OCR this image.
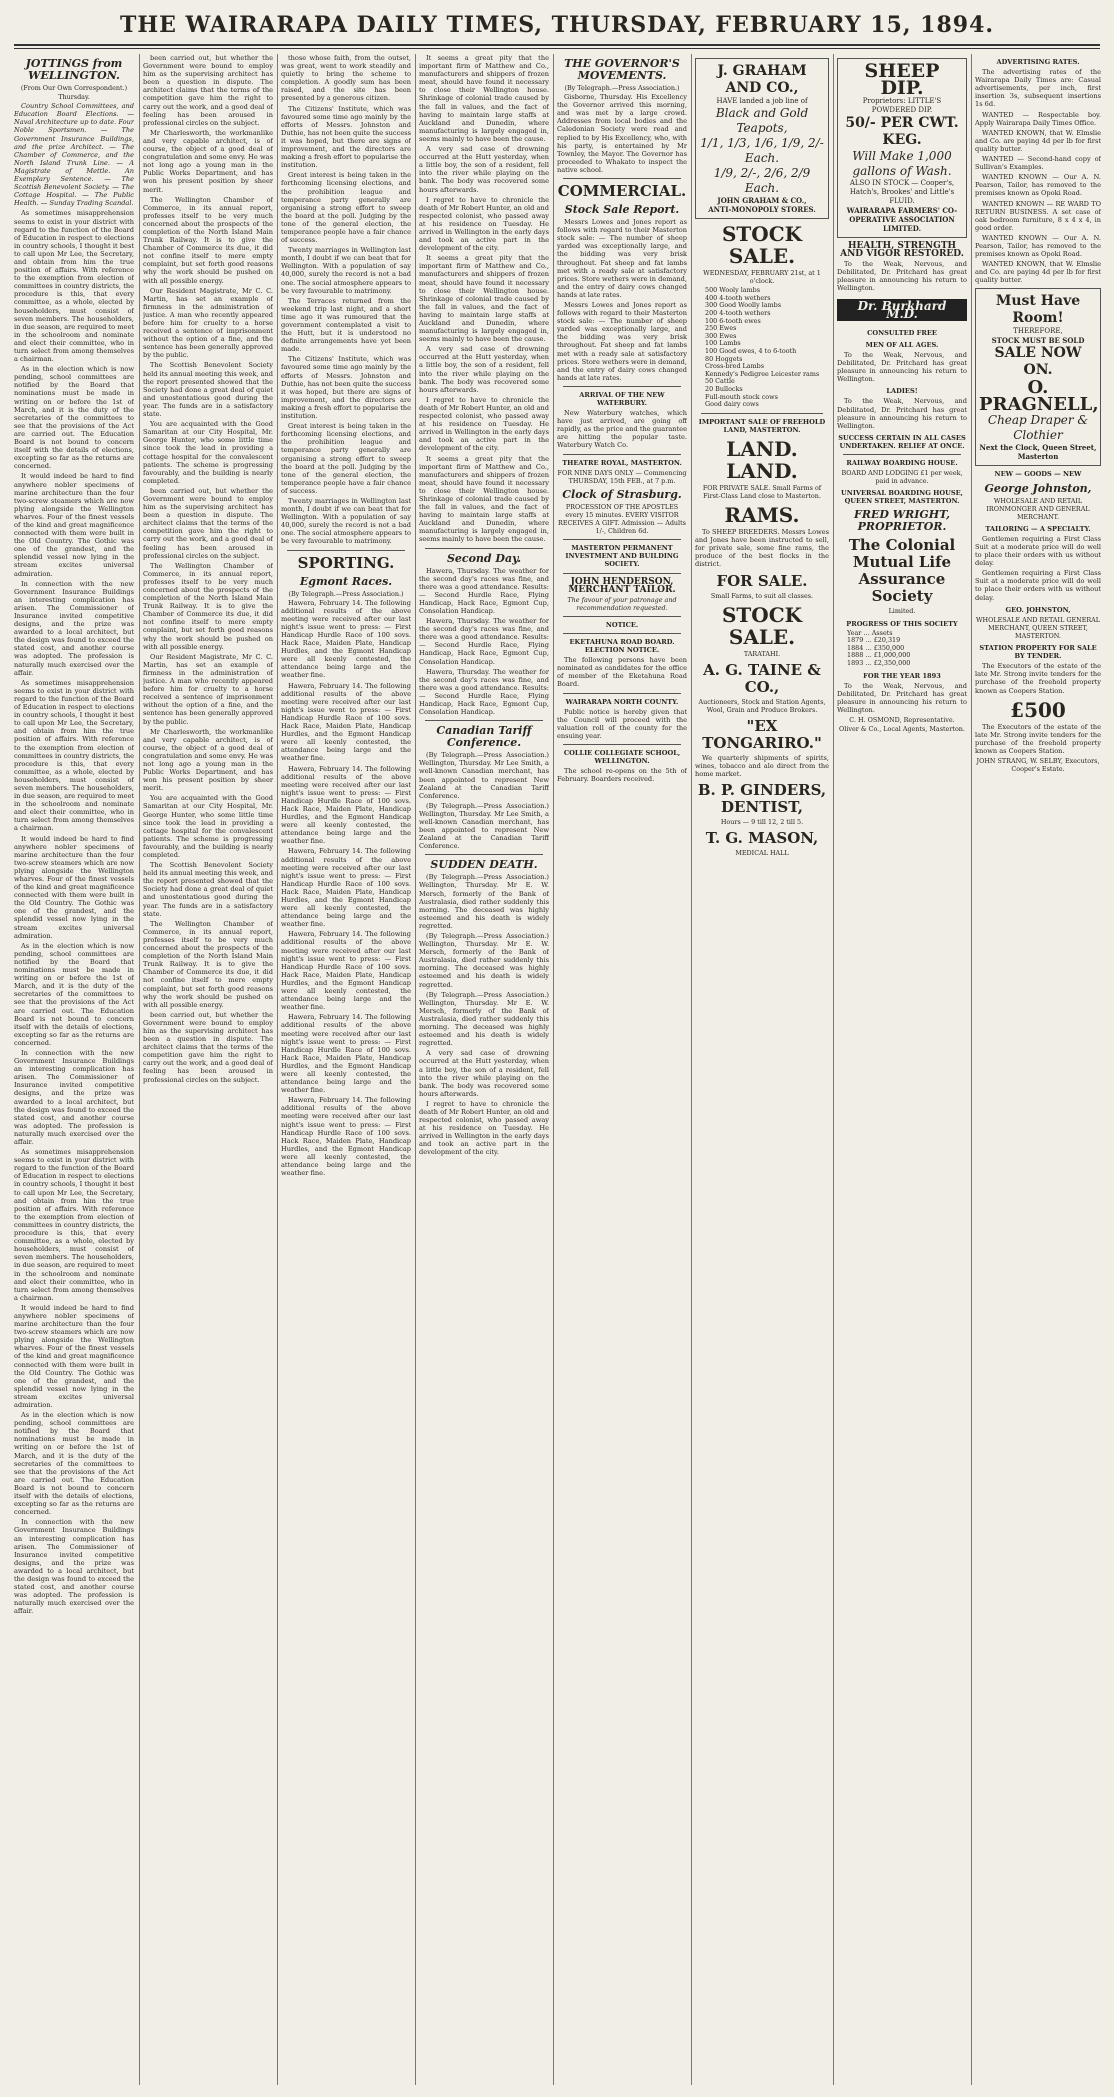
THE WAIRARAPA DAILY TIMES, THURSDAY, FEBRUARY 15, 1894.
JOTTINGS from WELLINGTON.
(From Our Own Correspondent.)
Thursday.

Country School Committees, and Education Board Elections. — Naval Architecture up to date. Four Noble Sportsmen. — The Government Insurance Buildings, and the prize Architect. — The Chamber of Commerce, and the North Island Trunk Line. — A Magistrate of Mettle. An Exemplary Sentence. — The Scottish Benevolent Society. — The Cottage Hospital. — The Public Health. — Sunday Trading Scandal.

As sometimes misapprehension seems to exist in your district with regard to the function of the Board of Education in respect to elections in country schools, I thought it best to call upon Mr Lee, the Secretary, and obtain from him the true position of affairs. With reference to the exemption from election of committees in country districts, the procedure is this, that every committee, as a whole, elected by householders, must consist of seven members. The householders, in due season, are required to meet in the schoolroom and nominate and elect their committee, who in turn select from among themselves a chairman.

As in the election which is now pending, school committees are notified by the Board that nominations must be made in writing on or before the 1st of March, and it is the duty of the secretaries of the committees to see that the provisions of the Act are carried out. The Education Board is not bound to concern itself with the details of elections, excepting so far as the returns are concerned.

It would indeed be hard to find anywhere nobler specimens of marine architecture than the four two-screw steamers which are now plying alongside the Wellington wharves. Four of the finest vessels of the kind and great magnificence connected with them were built in the Old Country. The Gothic was one of the grandest, and the splendid vessel now lying in the stream excites universal admiration.

In connection with the new Government Insurance Buildings an interesting complication has arisen. The Commissioner of Insurance invited competitive designs, and the prize was awarded to a local architect, but the design was found to exceed the stated cost, and another course was adopted. The profession is naturally much exercised over the affair.

As sometimes misapprehension seems to exist in your district with regard to the function of the Board of Education in respect to elections in country schools, I thought it best to call upon Mr Lee, the Secretary, and obtain from him the true position of affairs. With reference to the exemption from election of committees in country districts, the procedure is this, that every committee, as a whole, elected by householders, must consist of seven members. The householders, in due season, are required to meet in the schoolroom and nominate and elect their committee, who in turn select from among themselves a chairman.

It would indeed be hard to find anywhere nobler specimens of marine architecture than the four two-screw steamers which are now plying alongside the Wellington wharves. Four of the finest vessels of the kind and great magnificence connected with them were built in the Old Country. The Gothic was one of the grandest, and the splendid vessel now lying in the stream excites universal admiration.

As in the election which is now pending, school committees are notified by the Board that nominations must be made in writing on or before the 1st of March, and it is the duty of the secretaries of the committees to see that the provisions of the Act are carried out. The Education Board is not bound to concern itself with the details of elections, excepting so far as the returns are concerned.

In connection with the new Government Insurance Buildings an interesting complication has arisen. The Commissioner of Insurance invited competitive designs, and the prize was awarded to a local architect, but the design was found to exceed the stated cost, and another course was adopted. The profession is naturally much exercised over the affair.

As sometimes misapprehension seems to exist in your district with regard to the function of the Board of Education in respect to elections in country schools, I thought it best to call upon Mr Lee, the Secretary, and obtain from him the true position of affairs. With reference to the exemption from election of committees in country districts, the procedure is this, that every committee, as a whole, elected by householders, must consist of seven members. The householders, in due season, are required to meet in the schoolroom and nominate and elect their committee, who in turn select from among themselves a chairman.

It would indeed be hard to find anywhere nobler specimens of marine architecture than the four two-screw steamers which are now plying alongside the Wellington wharves. Four of the finest vessels of the kind and great magnificence connected with them were built in the Old Country. The Gothic was one of the grandest, and the splendid vessel now lying in the stream excites universal admiration.

As in the election which is now pending, school committees are notified by the Board that nominations must be made in writing on or before the 1st of March, and it is the duty of the secretaries of the committees to see that the provisions of the Act are carried out. The Education Board is not bound to concern itself with the details of elections, excepting so far as the returns are concerned.

In connection with the new Government Insurance Buildings an interesting complication has arisen. The Commissioner of Insurance invited competitive designs, and the prize was awarded to a local architect, but the design was found to exceed the stated cost, and another course was adopted. The profession is naturally much exercised over the affair.

been carried out, but whether the Government were bound to employ him as the supervising architect has been a question in dispute. The architect claims that the terms of the competition gave him the right to carry out the work, and a good deal of feeling has been aroused in professional circles on the subject.

Mr Charlesworth, the workmanlike and very capable architect, is of course, the object of a good deal of congratulation and some envy. He was not long ago a young man in the Public Works Department, and has won his present position by sheer merit.

The Wellington Chamber of Commerce, in its annual report, professes itself to be very much concerned about the prospects of the completion of the North Island Main Trunk Railway. It is to give the Chamber of Commerce its due, it did not confine itself to mere empty complaint, but set forth good reasons why the work should be pushed on with all possible energy.

Our Resident Magistrate, Mr C. C. Martin, has set an example of firmness in the administration of justice. A man who recently appeared before him for cruelty to a horse received a sentence of imprisonment without the option of a fine, and the sentence has been generally approved by the public.

The Scottish Benevolent Society held its annual meeting this week, and the report presented showed that the Society had done a great deal of quiet and unostentatious good during the year. The funds are in a satisfactory state.

You are acquainted with the Good Samaritan at our City Hospital, Mr. George Hunter, who some little time since took the lead in providing a cottage hospital for the convalescent patients. The scheme is progressing favourably, and the building is nearly completed.

been carried out, but whether the Government were bound to employ him as the supervising architect has been a question in dispute. The architect claims that the terms of the competition gave him the right to carry out the work, and a good deal of feeling has been aroused in professional circles on the subject.

The Wellington Chamber of Commerce, in its annual report, professes itself to be very much concerned about the prospects of the completion of the North Island Main Trunk Railway. It is to give the Chamber of Commerce its due, it did not confine itself to mere empty complaint, but set forth good reasons why the work should be pushed on with all possible energy.

Our Resident Magistrate, Mr C. C. Martin, has set an example of firmness in the administration of justice. A man who recently appeared before him for cruelty to a horse received a sentence of imprisonment without the option of a fine, and the sentence has been generally approved by the public.

Mr Charlesworth, the workmanlike and very capable architect, is of course, the object of a good deal of congratulation and some envy. He was not long ago a young man in the Public Works Department, and has won his present position by sheer merit.

You are acquainted with the Good Samaritan at our City Hospital, Mr. George Hunter, who some little time since took the lead in providing a cottage hospital for the convalescent patients. The scheme is progressing favourably, and the building is nearly completed.

The Scottish Benevolent Society held its annual meeting this week, and the report presented showed that the Society had done a great deal of quiet and unostentatious good during the year. The funds are in a satisfactory state.

The Wellington Chamber of Commerce, in its annual report, professes itself to be very much concerned about the prospects of the completion of the North Island Main Trunk Railway. It is to give the Chamber of Commerce its due, it did not confine itself to mere empty complaint, but set forth good reasons why the work should be pushed on with all possible energy.

been carried out, but whether the Government were bound to employ him as the supervising architect has been a question in dispute. The architect claims that the terms of the competition gave him the right to carry out the work, and a good deal of feeling has been aroused in professional circles on the subject.

those whose faith, from the outset, was great, went to work steadily and quietly to bring the scheme to completion. A goodly sum has been raised, and the site has been presented by a generous citizen.

The Citizens' Institute, which was favoured some time ago mainly by the efforts of Messrs. Johnston and Duthie, has not been quite the success it was hoped, but there are signs of improvement, and the directors are making a fresh effort to popularise the institution.

Great interest is being taken in the forthcoming licensing elections, and the prohibition league and temperance party generally are organising a strong effort to sweep the board at the poll. Judging by the tone of the general election, the temperance people have a fair chance of success.

Twenty marriages in Wellington last month, I doubt if we can beat that for Wellington. With a population of say 40,000, surely the record is not a bad one. The social atmosphere appears to be very favourable to matrimony.

The Terraces returned from the weekend trip last night, and a short time ago it was rumoured that the government contemplated a visit to the Hutt, but it is understood no definite arrangements have yet been made.

The Citizens' Institute, which was favoured some time ago mainly by the efforts of Messrs. Johnston and Duthie, has not been quite the success it was hoped, but there are signs of improvement, and the directors are making a fresh effort to popularise the institution.

Great interest is being taken in the forthcoming licensing elections, and the prohibition league and temperance party generally are organising a strong effort to sweep the board at the poll. Judging by the tone of the general election, the temperance people have a fair chance of success.

Twenty marriages in Wellington last month, I doubt if we can beat that for Wellington. With a population of say 40,000, surely the record is not a bad one. The social atmosphere appears to be very favourable to matrimony.

SPORTING.
Egmont Races.
(By Telegraph.—Press Association.)

Hawera, February 14. The following additional results of the above meeting were received after our last night's issue went to press: — First Handicap Hurdle Race of 100 sovs. Hack Race, Maiden Plate, Handicap Hurdles, and the Egmont Handicap were all keenly contested, the attendance being large and the weather fine.

Hawera, February 14. The following additional results of the above meeting were received after our last night's issue went to press: — First Handicap Hurdle Race of 100 sovs. Hack Race, Maiden Plate, Handicap Hurdles, and the Egmont Handicap were all keenly contested, the attendance being large and the weather fine.

Hawera, February 14. The following additional results of the above meeting were received after our last night's issue went to press: — First Handicap Hurdle Race of 100 sovs. Hack Race, Maiden Plate, Handicap Hurdles, and the Egmont Handicap were all keenly contested, the attendance being large and the weather fine.

Hawera, February 14. The following additional results of the above meeting were received after our last night's issue went to press: — First Handicap Hurdle Race of 100 sovs. Hack Race, Maiden Plate, Handicap Hurdles, and the Egmont Handicap were all keenly contested, the attendance being large and the weather fine.

Hawera, February 14. The following additional results of the above meeting were received after our last night's issue went to press: — First Handicap Hurdle Race of 100 sovs. Hack Race, Maiden Plate, Handicap Hurdles, and the Egmont Handicap were all keenly contested, the attendance being large and the weather fine.

Hawera, February 14. The following additional results of the above meeting were received after our last night's issue went to press: — First Handicap Hurdle Race of 100 sovs. Hack Race, Maiden Plate, Handicap Hurdles, and the Egmont Handicap were all keenly contested, the attendance being large and the weather fine.

Hawera, February 14. The following additional results of the above meeting were received after our last night's issue went to press: — First Handicap Hurdle Race of 100 sovs. Hack Race, Maiden Plate, Handicap Hurdles, and the Egmont Handicap were all keenly contested, the attendance being large and the weather fine.

It seems a great pity that the important firm of Matthew and Co., manufacturers and shippers of frozen meat, should have found it necessary to close their Wellington house. Shrinkage of colonial trade caused by the fall in values, and the fact of having to maintain large staffs at Auckland and Dunedin, where manufacturing is largely engaged in, seems mainly to have been the cause.

A very sad case of drowning occurred at the Hutt yesterday, when a little boy, the son of a resident, fell into the river while playing on the bank. The body was recovered some hours afterwards.

I regret to have to chronicle the death of Mr Robert Hunter, an old and respected colonist, who passed away at his residence on Tuesday. He arrived in Wellington in the early days and took an active part in the development of the city.

It seems a great pity that the important firm of Matthew and Co., manufacturers and shippers of frozen meat, should have found it necessary to close their Wellington house. Shrinkage of colonial trade caused by the fall in values, and the fact of having to maintain large staffs at Auckland and Dunedin, where manufacturing is largely engaged in, seems mainly to have been the cause.

A very sad case of drowning occurred at the Hutt yesterday, when a little boy, the son of a resident, fell into the river while playing on the bank. The body was recovered some hours afterwards.

I regret to have to chronicle the death of Mr Robert Hunter, an old and respected colonist, who passed away at his residence on Tuesday. He arrived in Wellington in the early days and took an active part in the development of the city.

It seems a great pity that the important firm of Matthew and Co., manufacturers and shippers of frozen meat, should have found it necessary to close their Wellington house. Shrinkage of colonial trade caused by the fall in values, and the fact of having to maintain large staffs at Auckland and Dunedin, where manufacturing is largely engaged in, seems mainly to have been the cause.

Second Day.

Hawera, Thursday. The weather for the second day's races was fine, and there was a good attendance. Results: — Second Hurdle Race, Flying Handicap, Hack Race, Egmont Cup, Consolation Handicap.

Hawera, Thursday. The weather for the second day's races was fine, and there was a good attendance. Results: — Second Hurdle Race, Flying Handicap, Hack Race, Egmont Cup, Consolation Handicap.

Hawera, Thursday. The weather for the second day's races was fine, and there was a good attendance. Results: — Second Hurdle Race, Flying Handicap, Hack Race, Egmont Cup, Consolation Handicap.

Canadian Tariff Conference.

(By Telegraph.—Press Association.) Wellington, Thursday. Mr Lee Smith, a well-known Canadian merchant, has been appointed to represent New Zealand at the Canadian Tariff Conference.

(By Telegraph.—Press Association.) Wellington, Thursday. Mr Lee Smith, a well-known Canadian merchant, has been appointed to represent New Zealand at the Canadian Tariff Conference.

SUDDEN DEATH.

(By Telegraph.—Press Association.) Wellington, Thursday. Mr E. W. Mersch, formerly of the Bank of Australasia, died rather suddenly this morning. The deceased was highly esteemed and his death is widely regretted.

(By Telegraph.—Press Association.) Wellington, Thursday. Mr E. W. Mersch, formerly of the Bank of Australasia, died rather suddenly this morning. The deceased was highly esteemed and his death is widely regretted.

(By Telegraph.—Press Association.) Wellington, Thursday. Mr E. W. Mersch, formerly of the Bank of Australasia, died rather suddenly this morning. The deceased was highly esteemed and his death is widely regretted.

A very sad case of drowning occurred at the Hutt yesterday, when a little boy, the son of a resident, fell into the river while playing on the bank. The body was recovered some hours afterwards.

I regret to have to chronicle the death of Mr Robert Hunter, an old and respected colonist, who passed away at his residence on Tuesday. He arrived in Wellington in the early days and took an active part in the development of the city.

THE GOVERNOR'S MOVEMENTS.
(By Telegraph.—Press Association.)

Gisborne, Thursday. His Excellency the Governor arrived this morning, and was met by a large crowd. Addresses from local bodies and the Caledonian Society were read and replied to by His Excellency, who, with his party, is entertained by Mr Townley, the Mayor. The Governor has proceeded to Whakato to inspect the native school.

COMMERCIAL.
Stock Sale Report.

Messrs Lowes and Jones report as follows with regard to their Masterton stock sale: — The number of sheep yarded was exceptionally large, and the bidding was very brisk throughout. Fat sheep and fat lambs met with a ready sale at satisfactory prices. Store wethers were in demand, and the entry of dairy cows changed hands at late rates.

Messrs Lowes and Jones report as follows with regard to their Masterton stock sale: — The number of sheep yarded was exceptionally large, and the bidding was very brisk throughout. Fat sheep and fat lambs met with a ready sale at satisfactory prices. Store wethers were in demand, and the entry of dairy cows changed hands at late rates.

ARRIVAL OF THE NEW WATERBURY.

New Waterbury watches, which have just arrived, are going off rapidly, as the price and the guarantee are hitting the popular taste. Waterbury Watch Co.

THEATRE ROYAL, MASTERTON.
FOR NINE DAYS ONLY — Commencing THURSDAY, 15th FEB., at 7 p.m.
Clock of Strasburg.
PROCESSION OF THE APOSTLES every 15 minutes. EVERY VISITOR RECEIVES A GIFT. Admission — Adults 1/-, Children 6d.
MASTERTON PERMANENT INVESTMENT AND BUILDING SOCIETY.
JOHN HENDERSON, MERCHANT TAILOR.
The favour of your patronage and recommendation requested.
NOTICE.
EKETAHUNA ROAD BOARD. ELECTION NOTICE.

The following persons have been nominated as candidates for the office of member of the Eketahuna Road Board.

WAIRARAPA NORTH COUNTY.

Public notice is hereby given that the Council will proceed with the valuation roll of the county for the ensuing year.

COLLIE COLLEGIATE SCHOOL, WELLINGTON.

The school re-opens on the 5th of February. Boarders received.

J. GRAHAM AND CO.,
HAVE landed a job line of
Black and Gold Teapots,
1/1, 1/3, 1/6, 1/9, 2/- Each.
1/9, 2/-, 2/6, 2/9 Each.
JOHN GRAHAM & CO.,
ANTI-MONOPOLY STORES.
STOCK SALE.
WEDNESDAY, FEBRUARY 21st, at 1 o'clock.
500 Wooly lambs
400 4-tooth wethers
300 Good Woolly lambs
200 4-tooth wethers
100 6-tooth ewes
250 Ewes
300 Ewes
100 Lambs
100 Good ewes, 4 to 6-tooth
80 Hoggets
Cross-bred Lambs
Kennedy's Pedigree Leicester rams
50 Cattle
20 Bullocks
Full-mouth stock cows
Good dairy cows
IMPORTANT SALE OF FREEHOLD LAND, MASTERTON.
LAND. LAND.
FOR PRIVATE SALE. Small Farms of First-Class Land close to Masterton.
RAMS.

To SHEEP BREEDERS. Messrs Lowes and Jones have been instructed to sell, for private sale, some fine rams, the produce of the best flocks in the district.

FOR SALE.
Small Farms, to suit all classes.
STOCK SALE.
TARATAHI.
A. G. TAINE & CO.,
Auctioneers, Stock and Station Agents, Wool, Grain and Produce Brokers.
"EX TONGARIRO."

We quarterly shipments of spirits, wines, tobacco and ale direct from the home market.

B. P. GINDERS, DENTIST,
Hours — 9 till 12, 2 till 5.
T. G. MASON,
MEDICAL HALL
SHEEP DIP.
Proprietors: LITTLE'S POWDERED DIP.
50/- PER CWT. KEG.
Will Make 1,000 gallons of Wash.
ALSO IN STOCK — Cooper's, Hatch's, Brookes' and Little's FLUID.
WAIRARAPA FARMERS' CO-OPERATIVE ASSOCIATION LIMITED.
HEALTH, STRENGTH AND VIGOR RESTORED.

To the Weak, Nervous, and Debilitated, Dr. Pritchard has great pleasure in announcing his return to Wellington.

Dr. Burkhard M.D.
CONSULTED FREE
MEN OF ALL AGES.

To the Weak, Nervous, and Debilitated, Dr. Pritchard has great pleasure in announcing his return to Wellington.

LADIES!

To the Weak, Nervous, and Debilitated, Dr. Pritchard has great pleasure in announcing his return to Wellington.

SUCCESS CERTAIN IN ALL CASES UNDERTAKEN. RELIEF AT ONCE.
RAILWAY BOARDING HOUSE.
BOARD AND LODGING £1 per week, paid in advance.
UNIVERSAL BOARDING HOUSE, QUEEN STREET, MASTERTON.
FRED WRIGHT, PROPRIETOR.
The Colonial Mutual Life Assurance Society
Limited.
PROGRESS OF THIS SOCIETY
Year … Assets
1879 … £20,319
1884 … £350,000
1888 … £1,000,000
1893 … £2,350,000
FOR THE YEAR 1893

To the Weak, Nervous, and Debilitated, Dr. Pritchard has great pleasure in announcing his return to Wellington.

C. H. OSMOND, Representative.
Oliver & Co., Local Agents, Masterton.
ADVERTISING RATES.

The advertising rates of the Wairarapa Daily Times are: Casual advertisements, per inch, first insertion 3s, subsequent insertions 1s 6d.

WANTED — Respectable boy. Apply Wairarapa Daily Times Office.

WANTED KNOWN, that W. Elmslie and Co. are paying 4d per lb for first quality butter.

WANTED — Second-hand copy of Sullivan's Examples.

WANTED KNOWN — Our A. N. Pearson, Tailor, has removed to the premises known as Opoki Road.

WANTED KNOWN — RE WARD TO RETURN BUSINESS. A set case of oak bedroom furniture, 8 x 4 x 4, in good order.

WANTED KNOWN — Our A. N. Pearson, Tailor, has removed to the premises known as Opoki Road.

WANTED KNOWN, that W. Elmslie and Co. are paying 4d per lb for first quality butter.

Must Have Room!
THEREFORE,
STOCK MUST BE SOLD
SALE NOW ON.
O. PRAGNELL,
Cheap Draper & Clothier
Next the Clock, Queen Street, Masterton
NEW — GOODS — NEW
George Johnston,
WHOLESALE AND RETAIL IRONMONGER AND GENERAL MERCHANT.
TAILORING — A SPECIALTY.

Gentlemen requiring a First Class Suit at a moderate price will do well to place their orders with us without delay.

Gentlemen requiring a First Class Suit at a moderate price will do well to place their orders with us without delay.

GEO. JOHNSTON,
WHOLESALE AND RETAIL GENERAL MERCHANT, QUEEN STREET, MASTERTON.
STATION PROPERTY FOR SALE BY TENDER.

The Executors of the estate of the late Mr. Strong invite tenders for the purchase of the freehold property known as Coopers Station.

£500

The Executors of the estate of the late Mr. Strong invite tenders for the purchase of the freehold property known as Coopers Station.

JOHN STRANG, W. SELBY, Executors, Cooper's Estate.
